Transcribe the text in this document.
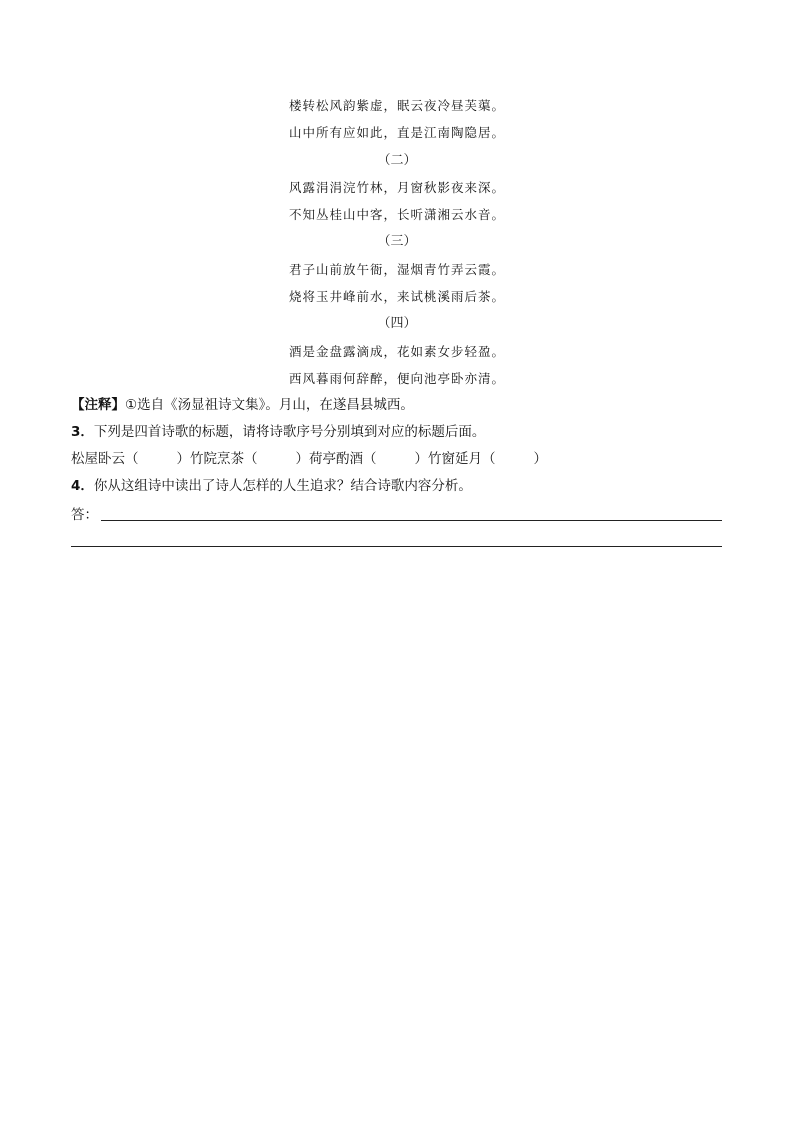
楼转松风韵紫虚，眠云夜冷昼芙蕖。
山中所有应如此，直是江南陶隐居。
（二）
风露涓涓浣竹林，月窗秋影夜来深。
不知丛桂山中客，长听潇湘云水音。
（三）
君子山前放午衙，湿烟青竹弄云霞。
烧将玉井峰前水，来试桃溪雨后茶。
（四）
酒是金盘露滴成，花如素女步轻盈。
西风暮雨何辞醉，便向池亭卧亦清。
【注释】①选自《汤显祖诗文集》。月山，在遂昌县城西。
3．下列是四首诗歌的标题，请将诗歌序号分别填到对应的标题后面。
松屋卧云（	）竹院烹茶（	）荷亭酌酒（	）竹窗延月（	）
4．你从这组诗中读出了诗人怎样的人生追求？结合诗歌内容分析。
答：
